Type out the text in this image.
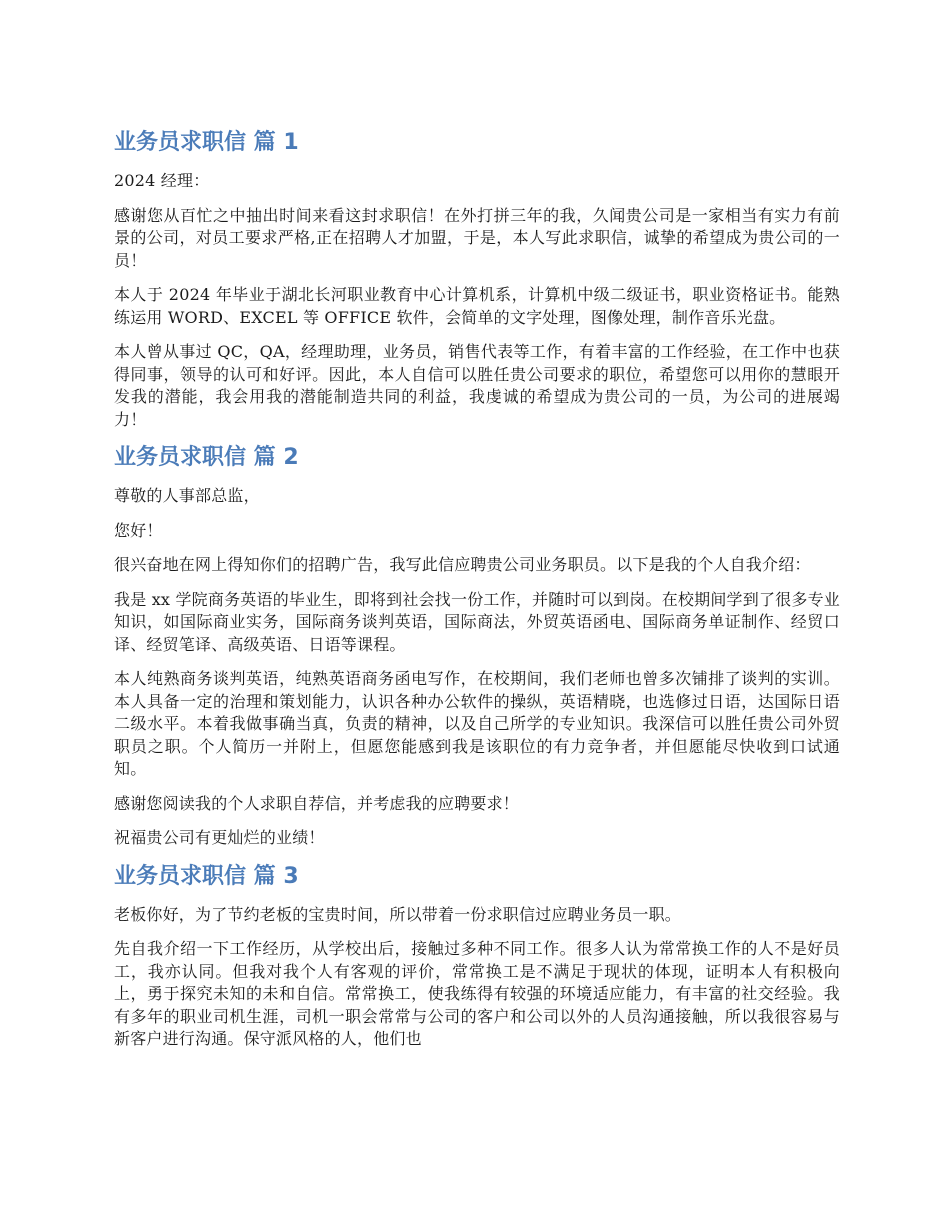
业务员求职信 篇 1

2024 经理：

感谢您从百忙之中抽出时间来看这封求职信！在外打拼三年的我，久闻贵公司是一家相当有实力有前景的公司，对员工要求严格,正在招聘人才加盟，于是，本人写此求职信，诚挚的希望成为贵公司的一员！

本人于 2024 年毕业于湖北长河职业教育中心计算机系，计算机中级二级证书，职业资格证书。能熟练运用 WORD、EXCEL 等 OFFICE 软件，会简单的文字处理，图像处理，制作音乐光盘。

本人曾从事过 QC，QA，经理助理，业务员，销售代表等工作，有着丰富的工作经验，在工作中也获得同事，领导的认可和好评。因此，本人自信可以胜任贵公司要求的职位，希望您可以用你的慧眼开发我的潜能，我会用我的潜能制造共同的利益，我虔诚的希望成为贵公司的一员，为公司的进展竭力！

业务员求职信 篇 2

尊敬的人事部总监，

您好！

很兴奋地在网上得知你们的招聘广告，我写此信应聘贵公司业务职员。以下是我的个人自我介绍：

我是 xx 学院商务英语的毕业生，即将到社会找一份工作，并随时可以到岗。在校期间学到了很多专业知识，如国际商业实务，国际商务谈判英语，国际商法，外贸英语函电、国际商务单证制作、经贸口译、经贸笔译、高级英语、日语等课程。

本人纯熟商务谈判英语，纯熟英语商务函电写作，在校期间，我们老师也曾多次铺排了谈判的实训。本人具备一定的治理和策划能力，认识各种办公软件的操纵，英语精晓，也选修过日语，达国际日语二级水平。本着我做事确当真，负责的精神，以及自己所学的专业知识。我深信可以胜任贵公司外贸职员之职。个人简历一并附上，但愿您能感到我是该职位的有力竞争者，并但愿能尽快收到口试通知。

感谢您阅读我的个人求职自荐信，并考虑我的应聘要求！

祝福贵公司有更灿烂的业绩！

业务员求职信 篇 3

老板你好，为了节约老板的宝贵时间，所以带着一份求职信过应聘业务员一职。

先自我介绍一下工作经历，从学校出后，接触过多种不同工作。很多人认为常常换工作的人不是好员工，我亦认同。但我对我个人有客观的评价，常常换工是不满足于现状的体现，证明本人有积极向上，勇于探究未知的未和自信。常常换工，使我练得有较强的环境适应能力，有丰富的社交经验。我有多年的职业司机生涯，司机一职会常常与公司的客户和公司以外的人员沟通接触，所以我很容易与新客户进行沟通。保守派风格的人，他们也
